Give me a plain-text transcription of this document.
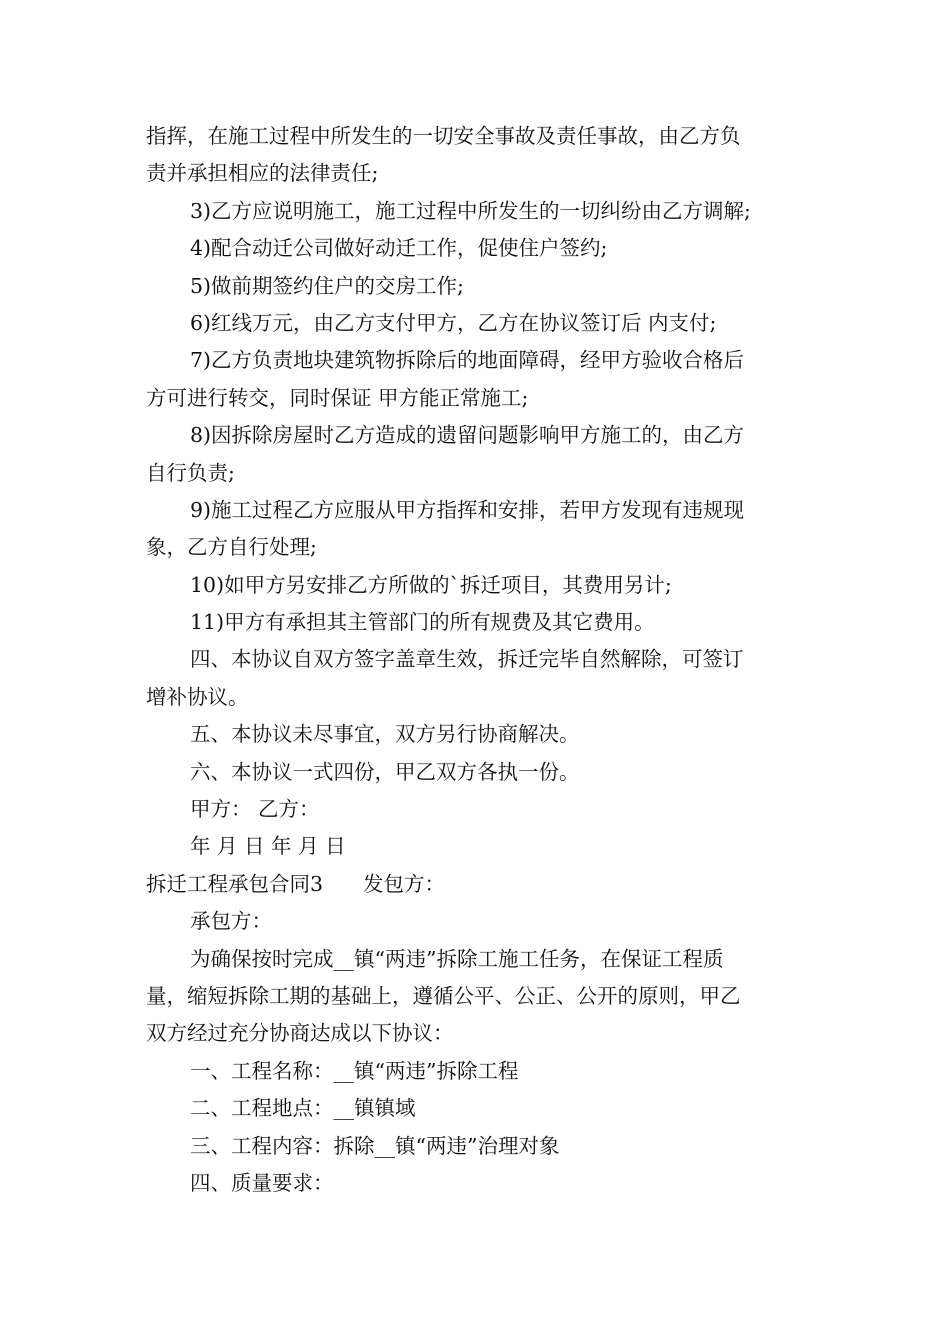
指挥，在施工过程中所发生的一切安全事故及责任事故，由乙方负
责并承担相应的法律责任;
3)乙方应说明施工，施工过程中所发生的一切纠纷由乙方调解;
4)配合动迁公司做好动迁工作，促使住户签约;
5)做前期签约住户的交房工作;
6)红线万元，由乙方支付甲方，乙方在协议签订后 内支付;
7)乙方负责地块建筑物拆除后的地面障碍，经甲方验收合格后
方可进行转交，同时保证 甲方能正常施工;
8)因拆除房屋时乙方造成的遗留问题影响甲方施工的，由乙方
自行负责;
9)施工过程乙方应服从甲方指挥和安排，若甲方发现有违规现
象，乙方自行处理;
10)如甲方另安排乙方所做的`拆迁项目，其费用另计;
11)甲方有承担其主管部门的所有规费及其它费用。
四、本协议自双方签字盖章生效，拆迁完毕自然解除，可签订
增补协议。
五、本协议未尽事宜，双方另行协商解决。
六、本协议一式四份，甲乙双方各执一份。
甲方： 乙方：
年 月 日 年 月 日
拆迁工程承包合同3 发包方：
承包方：
为确保按时完成__镇“两违”拆除工施工任务，在保证工程质
量，缩短拆除工期的基础上，遵循公平、公正、公开的原则，甲乙
双方经过充分协商达成以下协议：
一、工程名称：__镇“两违”拆除工程
二、工程地点：__镇镇域
三、工程内容：拆除__镇“两违”治理对象
四、质量要求：
